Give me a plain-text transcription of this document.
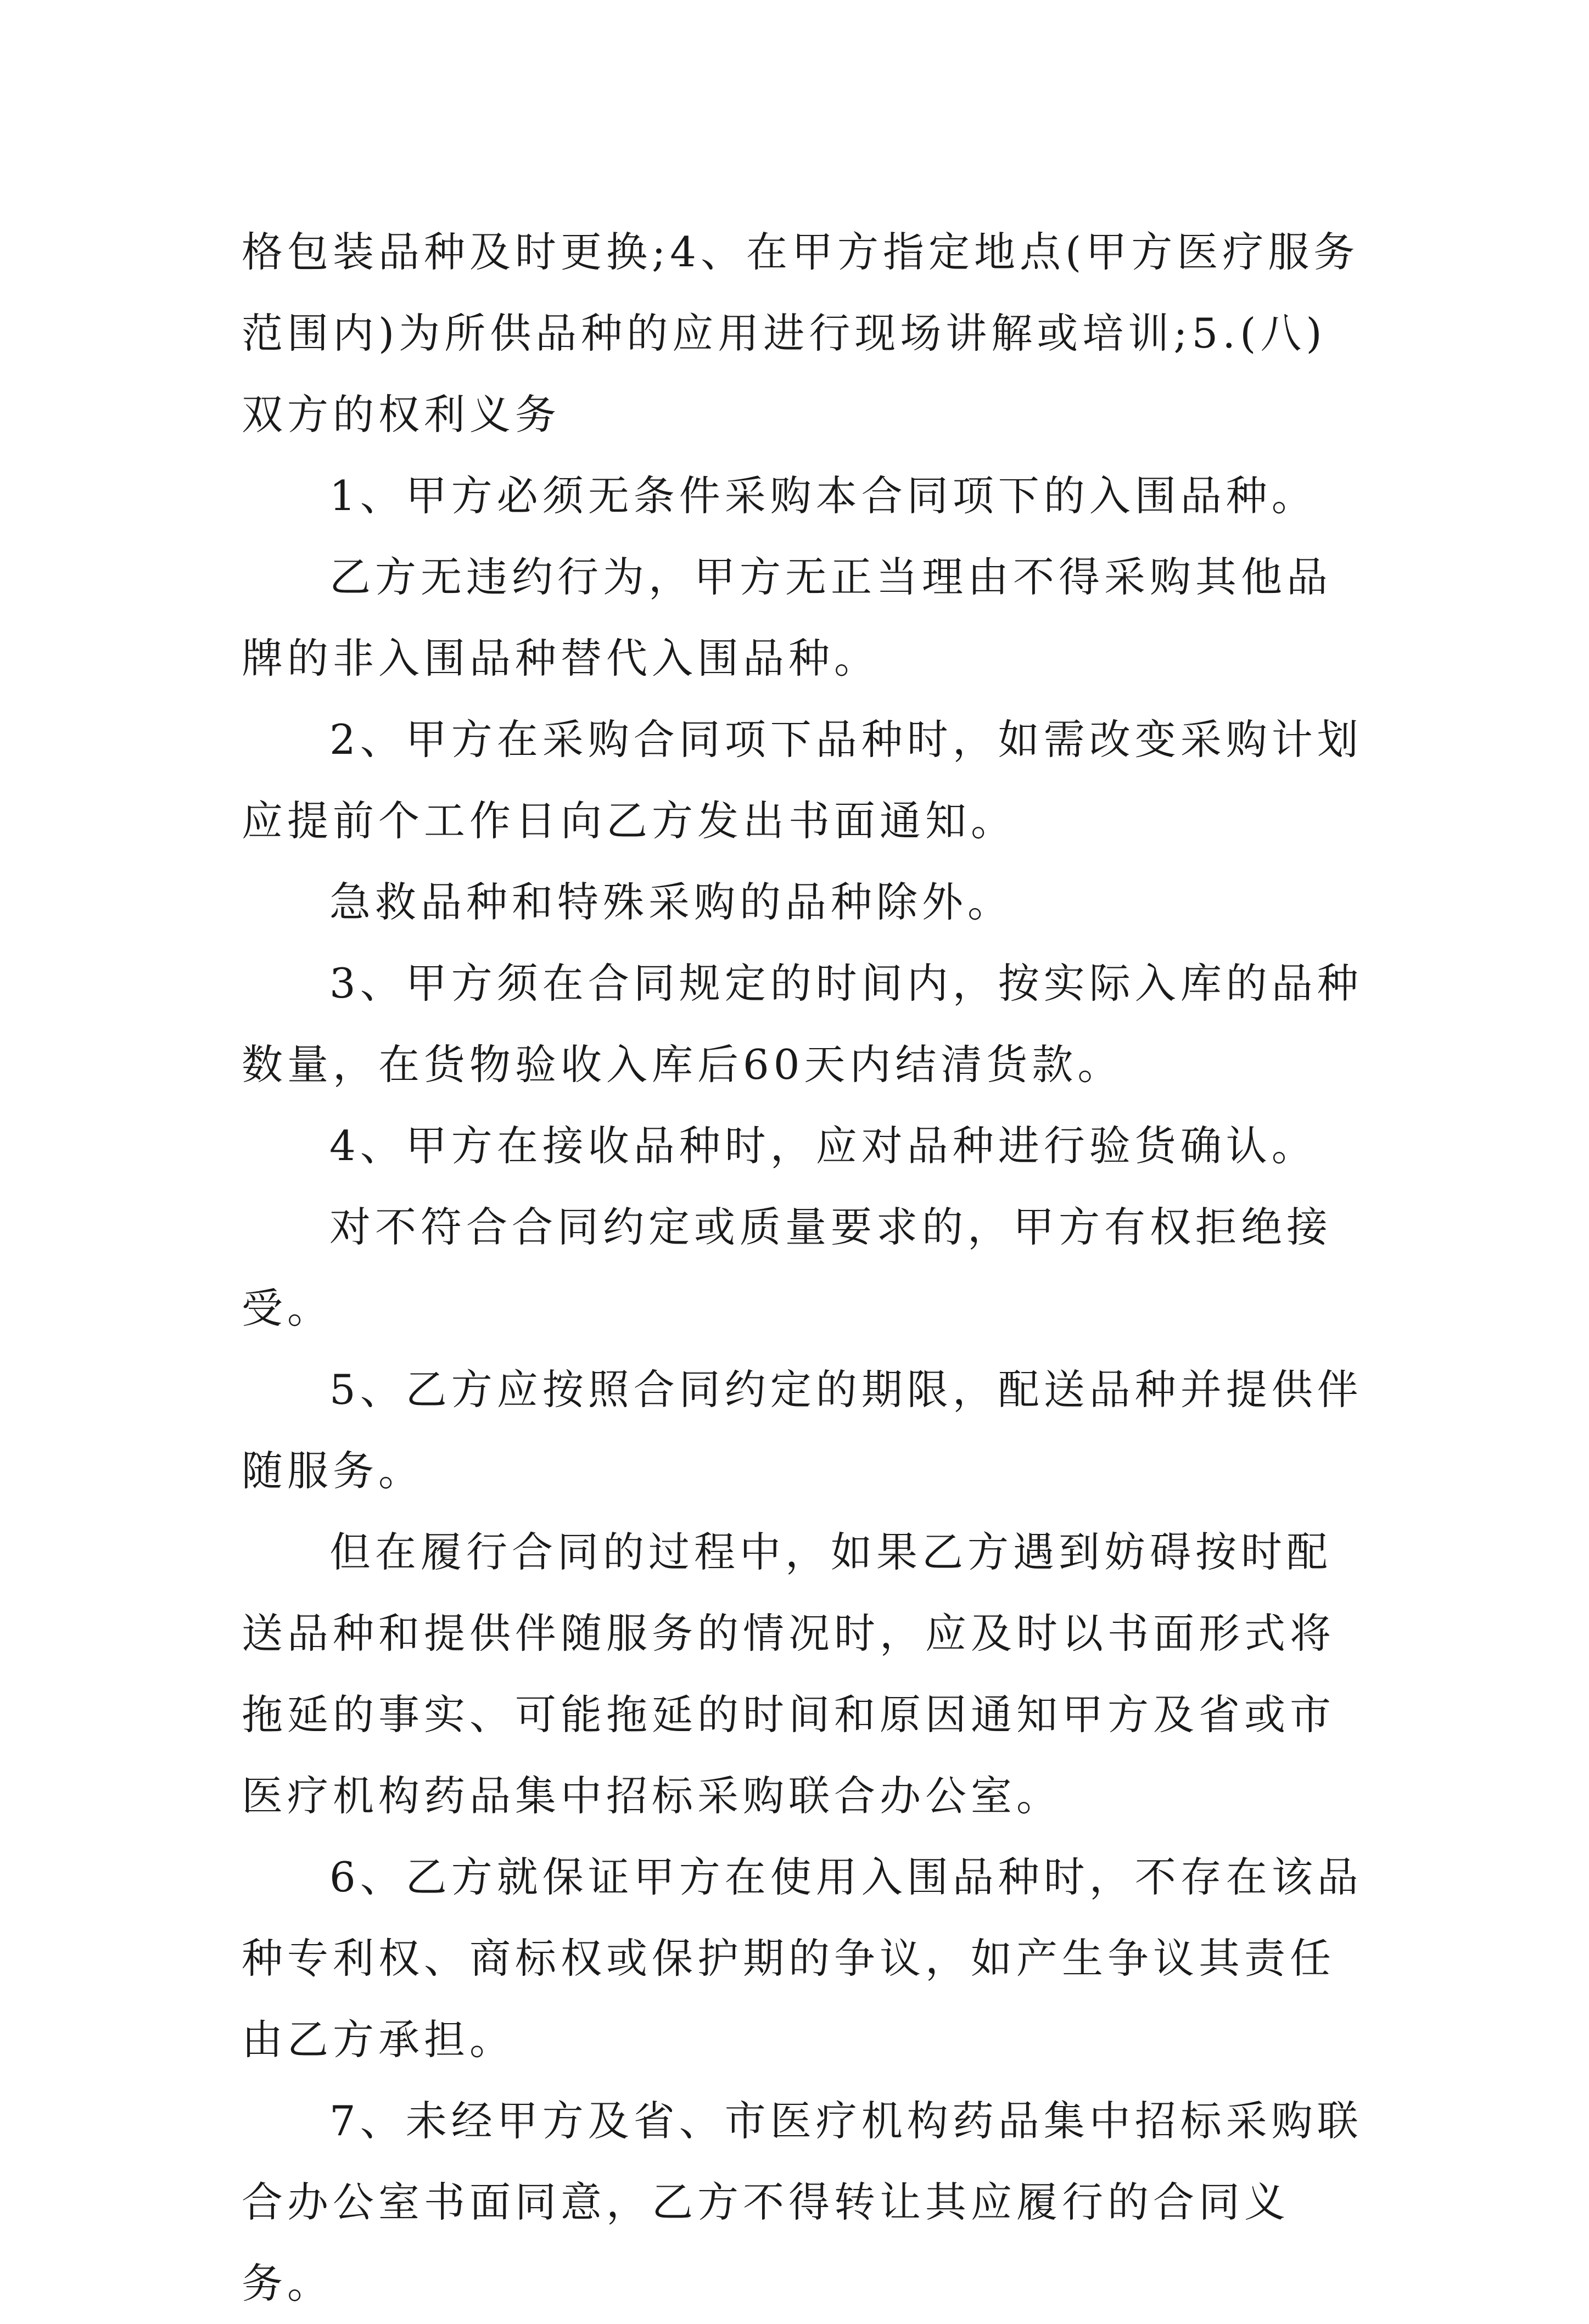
格包装品种及时更换;4、在甲方指定地点(甲方医疗服务范围内)为所供品种的应用进行现场讲解或培训;5.(八)双方的权利义务

1、甲方必须无条件采购本合同项下的入围品种。

乙方无违约行为，甲方无正当理由不得采购其他品牌的非入围品种替代入围品种。

2、甲方在采购合同项下品种时，如需改变采购计划应提前个工作日向乙方发出书面通知。

急救品种和特殊采购的品种除外。

3、甲方须在合同规定的时间内，按实际入库的品种数量，在货物验收入库后60天内结清货款。

4、甲方在接收品种时，应对品种进行验货确认。

对不符合合同约定或质量要求的，甲方有权拒绝接受。

5、乙方应按照合同约定的期限，配送品种并提供伴随服务。

但在履行合同的过程中，如果乙方遇到妨碍按时配送品种和提供伴随服务的情况时，应及时以书面形式将拖延的事实、可能拖延的时间和原因通知甲方及省或市医疗机构药品集中招标采购联合办公室。

6、乙方就保证甲方在使用入围品种时，不存在该品种专利权、商标权或保护期的争议，如产生争议其责任由乙方承担。

7、未经甲方及省、市医疗机构药品集中招标采购联合办公室书面同意，乙方不得转让其应履行的合同义务。
